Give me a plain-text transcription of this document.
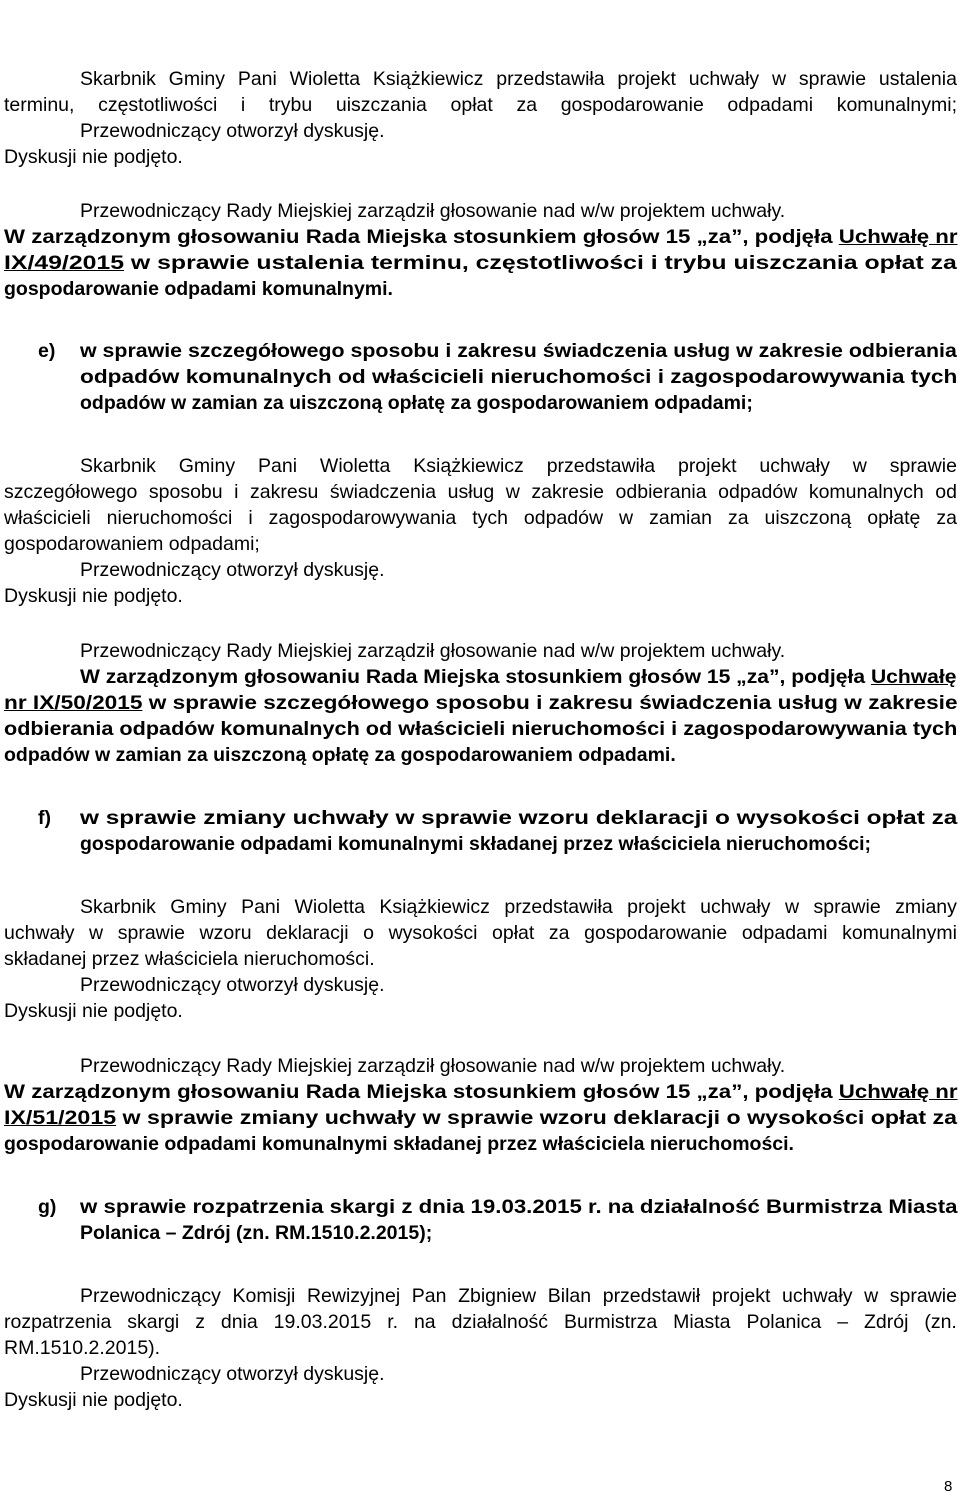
Skarbnik Gminy Pani Wioletta Książkiewicz przedstawiła projekt uchwały w sprawie ustalenia
terminu, częstotliwości i trybu uiszczania opłat za gospodarowanie odpadami komunalnymi;
Przewodniczący otworzył dyskusję.
Dyskusji nie podjęto.
Przewodniczący Rady Miejskiej zarządził głosowanie nad w/w projektem uchwały.
W zarządzonym głosowaniu Rada Miejska stosunkiem głosów 15 „za”, podjęła Uchwałę nr
IX/49/2015 w sprawie ustalenia terminu, częstotliwości i trybu uiszczania opłat za
gospodarowanie odpadami komunalnymi.
e) w sprawie szczegółowego sposobu i zakresu świadczenia usług w zakresie odbierania
odpadów komunalnych od właścicieli nieruchomości i zagospodarowywania tych
odpadów w zamian za uiszczoną opłatę za gospodarowaniem odpadami;
Skarbnik Gminy Pani Wioletta Książkiewicz przedstawiła projekt uchwały w sprawie
szczegółowego sposobu i zakresu świadczenia usług w zakresie odbierania odpadów komunalnych od
właścicieli nieruchomości i zagospodarowywania tych odpadów w zamian za uiszczoną opłatę za
gospodarowaniem odpadami;
Przewodniczący otworzył dyskusję.
Dyskusji nie podjęto.
Przewodniczący Rady Miejskiej zarządził głosowanie nad w/w projektem uchwały.
W zarządzonym głosowaniu Rada Miejska stosunkiem głosów 15 „za”, podjęła Uchwałę
nr IX/50/2015 w sprawie szczegółowego sposobu i zakresu świadczenia usług w zakresie
odbierania odpadów komunalnych od właścicieli nieruchomości i zagospodarowywania tych
odpadów w zamian za uiszczoną opłatę za gospodarowaniem odpadami.
f) w sprawie zmiany uchwały w sprawie wzoru deklaracji o wysokości opłat za
gospodarowanie odpadami komunalnymi składanej przez właściciela nieruchomości;
Skarbnik Gminy Pani Wioletta Książkiewicz przedstawiła projekt uchwały w sprawie zmiany
uchwały w sprawie wzoru deklaracji o wysokości opłat za gospodarowanie odpadami komunalnymi
składanej przez właściciela nieruchomości.
Przewodniczący otworzył dyskusję.
Dyskusji nie podjęto.
Przewodniczący Rady Miejskiej zarządził głosowanie nad w/w projektem uchwały.
W zarządzonym głosowaniu Rada Miejska stosunkiem głosów 15 „za”, podjęła Uchwałę nr
IX/51/2015 w sprawie zmiany uchwały w sprawie wzoru deklaracji o wysokości opłat za
gospodarowanie odpadami komunalnymi składanej przez właściciela nieruchomości.
g) w sprawie rozpatrzenia skargi z dnia 19.03.2015 r. na działalność Burmistrza Miasta
Polanica – Zdrój (zn. RM.1510.2.2015);
Przewodniczący Komisji Rewizyjnej Pan Zbigniew Bilan przedstawił projekt uchwały w sprawie
rozpatrzenia skargi z dnia 19.03.2015 r. na działalność Burmistrza Miasta Polanica – Zdrój (zn.
RM.1510.2.2015).
Przewodniczący otworzył dyskusję.
Dyskusji nie podjęto.
8
